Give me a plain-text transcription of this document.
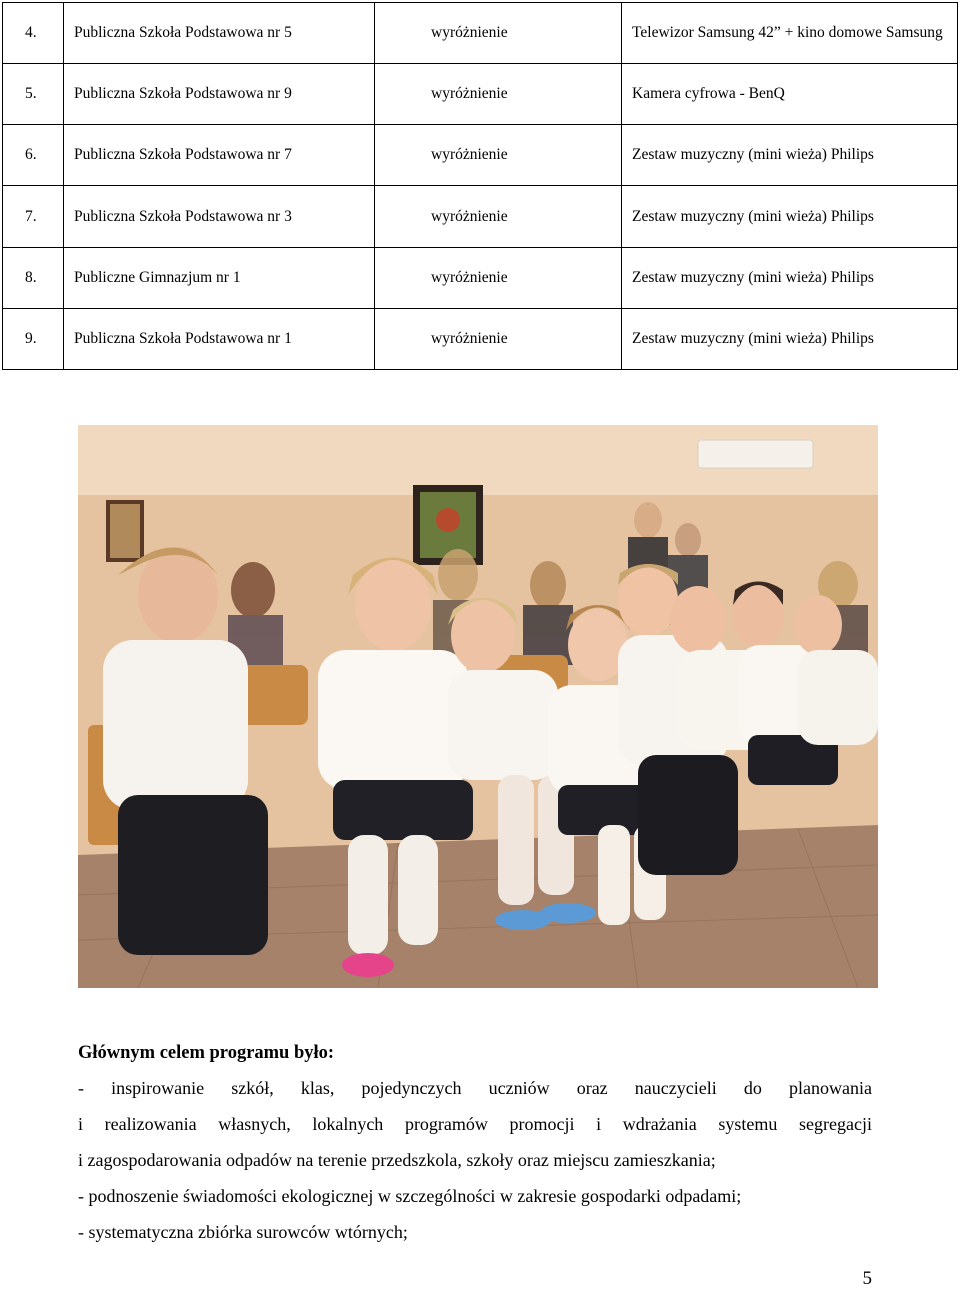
4.	Publiczna Szkoła Podstawowa nr 5	wyróżnienie	Telewizor Samsung 42” + kino domowe Samsung
5.	Publiczna Szkoła Podstawowa nr 9	wyróżnienie	Kamera cyfrowa - BenQ
6.	Publiczna Szkoła Podstawowa nr 7	wyróżnienie	Zestaw muzyczny (mini wieża) Philips
7.	Publiczna Szkoła Podstawowa nr 3	wyróżnienie	Zestaw muzyczny (mini wieża) Philips
8.	Publiczne Gimnazjum nr 1	wyróżnienie	Zestaw muzyczny (mini wieża) Philips
9.	Publiczna Szkoła Podstawowa nr 1	wyróżnienie	Zestaw muzyczny (mini wieża) Philips
Głównym celem programu było:
- inspirowanie szkół, klas, pojedynczych uczniów oraz nauczycieli do planowania
i realizowania własnych, lokalnych programów promocji i wdrażania systemu segregacji
i zagospodarowania odpadów na terenie przedszkola, szkoły oraz miejscu zamieszkania;
- podnoszenie świadomości ekologicznej w szczególności w zakresie gospodarki odpadami;
- systematyczna zbiórka surowców wtórnych;
5
